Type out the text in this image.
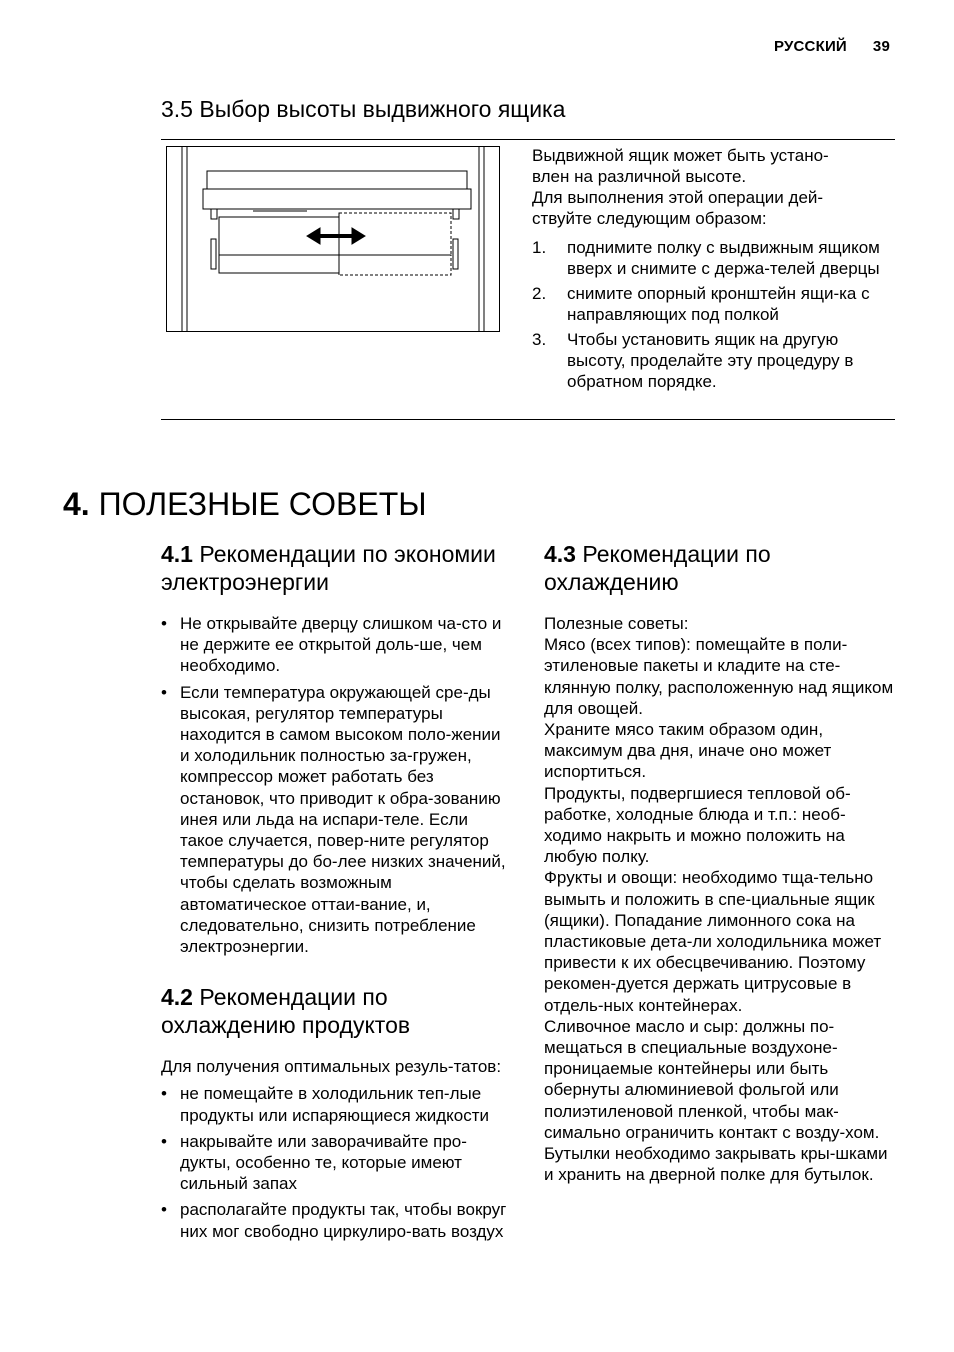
РУССКИЙ 39
3.5 Выбор высоты выдвижного ящика

Выдвижной ящик может быть устано-

влен на различной высоте.

Для выполнения этой операции дей-

ствуйте следующим образом:

1. поднимите полку с выдвижным ящиком вверх и снимите с держа-телей дверцы
2. снимите опорный кронштейн ящи-ка с направляющих под полкой
3. Чтобы установить ящик на другую высоту, проделайте эту процедуру в обратном порядке.
4. ПОЛЕЗНЫЕ СОВЕТЫ
4.1 Рекомендации по экономии электроэнергии
• Не открывайте дверцу слишком ча-сто и не держите ее открытой доль-ше, чем необходимо.
• Если температура окружающей сре-ды высокая, регулятор температуры находится в самом высоком поло-жении и холодильник полностью за-гружен, компрессор может работать без остановок, что приводит к обра-зованию инея или льда на испари-теле. Если такое случается, повер-ните регулятор температуры до бо-лее низких значений, чтобы сделать возможным автоматическое оттаи-вание, и, следовательно, снизить потребление электроэнергии.
4.2 Рекомендации по охлаждению продуктов

Для получения оптимальных резуль-татов:

• не помещайте в холодильник теп-лые продукты или испаряющиеся жидкости
• накрывайте или заворачивайте про-дукты, особенно те, которые имеют сильный запах
• располагайте продукты так, чтобы вокруг них мог свободно циркулиро-вать воздух
4.3 Рекомендации по охлаждению

Полезные советы:
Мясо (всех типов): помещайте в поли-этиленовые пакеты и кладите на сте-клянную полку, расположенную над ящиком для овощей.
Храните мясо таким образом один, максимум два дня, иначе оно может испортиться.
Продукты, подвергшиеся тепловой об-работке, холодные блюда и т.п.: необ-ходимо накрыть и можно положить на любую полку.
Фрукты и овощи: необходимо тща-тельно вымыть и положить в спе-циальные ящик (ящики). Попадание лимонного сока на пластиковые дета-ли холодильника может привести к их обесцвечиванию. Поэтому рекомен-дуется держать цитрусовые в отдель-ных контейнерах.
Сливочное масло и сыр: должны по-мещаться в специальные воздухоне-проницаемые контейнеры или быть обернуты алюминиевой фольгой или полиэтиленовой пленкой, чтобы мак-симально ограничить контакт с возду-хом.
Бутылки необходимо закрывать кры-шками и хранить на дверной полке для бутылок.
